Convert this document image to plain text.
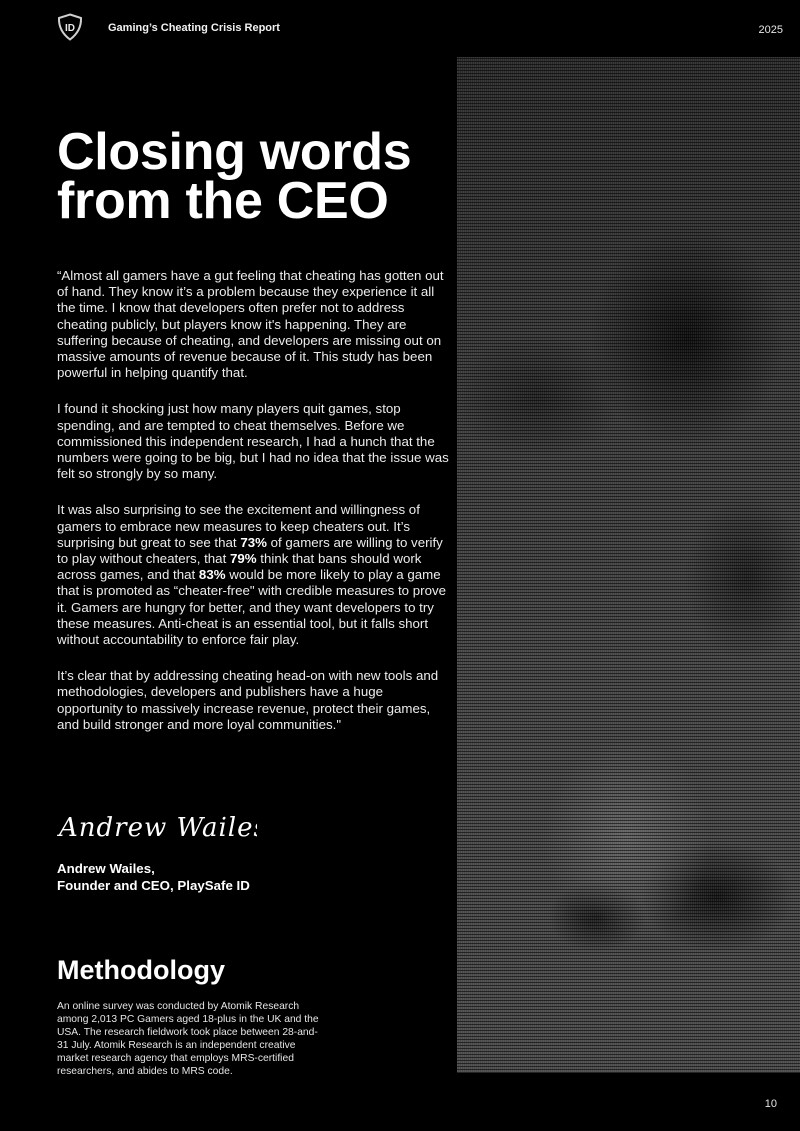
ID	Gaming’s Cheating Crisis Report	2025
Closing words
from the CEO

“Almost all gamers have a gut feeling that cheating has gotten out of hand. They know it’s a problem because they experience it all the time. I know that developers often prefer not to address cheating publicly, but players know it's happening. They are suffering because of cheating, and developers are missing out on massive amounts of revenue because of it. This study has been powerful in helping quantify that.

I found it shocking just how many players quit games, stop spending, and are tempted to cheat themselves. Before we commissioned this independent research, I had a hunch that the numbers were going to be big, but I had no idea that the issue was felt so strongly by so many.

It was also surprising to see the excitement and willingness of gamers to embrace new measures to keep cheaters out. It’s surprising but great to see that 73% of gamers are willing to verify to play without cheaters, that 79% think that bans should work across games, and that 83% would be more likely to play a game that is promoted as “cheater-free" with credible measures to prove it. Gamers are hungry for better, and they want developers to try these measures. Anti-cheat is an essential tool, but it falls short without accountability to enforce fair play.

It’s clear that by addressing cheating head-on with new tools and methodologies, developers and publishers have a huge opportunity to massively increase revenue, protect their games, and build stronger and more loyal communities."

Andrew Wailes
Andrew Wailes,
Founder and CEO, PlaySafe ID
Methodology

An online survey was conducted by Atomik Research among 2,013 PC Gamers aged 18-plus in the UK and the USA. The research fieldwork took place between 28-and-31 July. Atomik Research is an independent creative market research agency that employs MRS-certified researchers, and abides to MRS code.

10
